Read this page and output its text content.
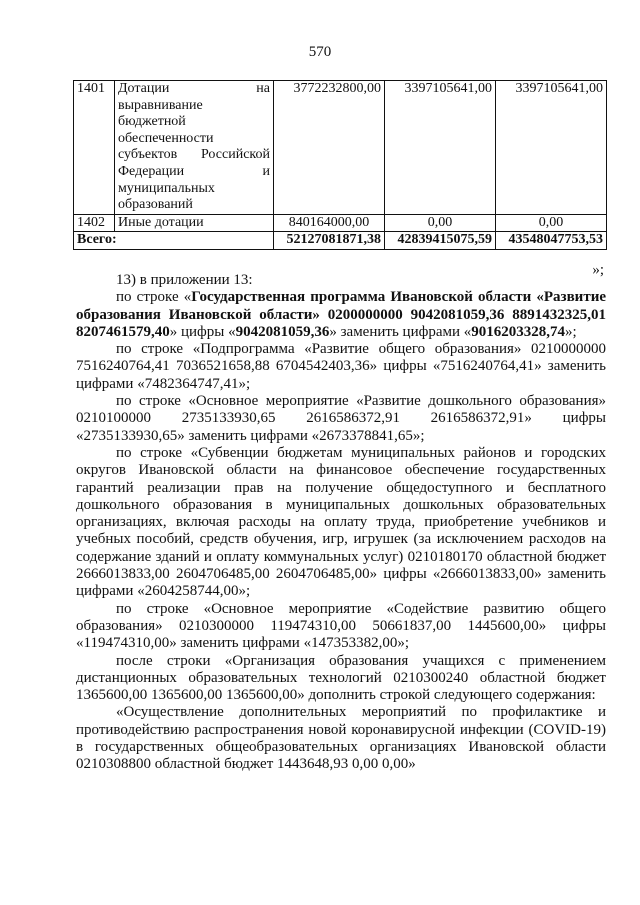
570
1401	Дотации на выравнивание бюджетной обеспеченности субъектов Российской Федерации и муниципальных образований	3772232800,00	3397105641,00	3397105641,00
1402	Иные дотации	840164000,00	0,00	0,00
Всего:		52127081871,38	42839415075,59	43548047753,53
»;

13) в приложении 13:

по строке «Государственная программа Ивановской области «Развитие образования Ивановской области» 0200000000 9042081059,36 8891432325,01 8207461579,40» цифры «9042081059,36» заменить цифрами «9016203328,74»;

по строке «Подпрограмма «Развитие общего образования» 0210000000 7516240764,41 7036521658,88 6704542403,36» цифры «7516240764,41» заменить цифрами «7482364747,41»;

по строке «Основное мероприятие «Развитие дошкольного образования» 0210100000 2735133930,65 2616586372,91 2616586372,91» цифры «2735133930,65» заменить цифрами «2673378841,65»;

по строке «Субвенции бюджетам муниципальных районов и городских округов Ивановской области на финансовое обеспечение государственных гарантий реализации прав на получение общедоступного и бесплатного дошкольного образования в муниципальных дошкольных образовательных организациях, включая расходы на оплату труда, приобретение учебников и учебных пособий, средств обучения, игр, игрушек (за исключением расходов на содержание зданий и оплату коммунальных услуг) 0210180170 областной бюджет 2666013833,00 2604706485,00 2604706485,00» цифры «2666013833,00» заменить цифрами «2604258744,00»;

по строке «Основное мероприятие «Содействие развитию общего образования» 0210300000 119474310,00 50661837,00 1445600,00» цифры «119474310,00» заменить цифрами «147353382,00»;

после строки «Организация образования учащихся с применением дистанционных образовательных технологий 0210300240 областной бюджет 1365600,00 1365600,00 1365600,00» дополнить строкой следующего содержания:

«Осуществление дополнительных мероприятий по профилактике и противодействию распространения новой коронавирусной инфекции (COVID-19) в государственных общеобразовательных организациях Ивановской области 0210308800 областной бюджет 1443648,93 0,00 0,00»
